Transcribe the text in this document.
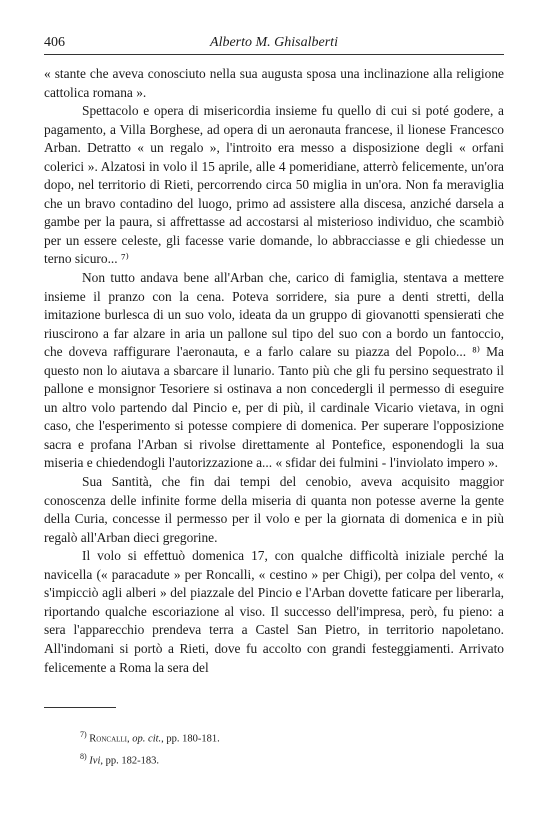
406	Alberto M. Ghisalberti

« stante che aveva conosciuto nella sua augusta sposa una inclinazione alla religione cattolica romana ».

Spettacolo e opera di misericordia insieme fu quello di cui si poté godere, a pagamento, a Villa Borghese, ad opera di un aeronauta francese, il lionese Francesco Arban. Detratto « un regalo », l'introito era messo a disposizione degli « orfani colerici ». Alzatosi in volo il 15 aprile, alle 4 pomeridiane, atterrò felicemente, un'ora dopo, nel territorio di Rieti, percorrendo circa 50 miglia in un'ora. Non fa meraviglia che un bravo contadino del luogo, primo ad assistere alla discesa, anziché darsela a gambe per la paura, si affrettasse ad accostarsi al misterioso individuo, che scambiò per un essere celeste, gli facesse varie domande, lo abbracciasse e gli chiedesse un terno sicuro... ⁷⁾

Non tutto andava bene all'Arban che, carico di famiglia, stentava a mettere insieme il pranzo con la cena. Poteva sorridere, sia pure a denti stretti, della imitazione burlesca di un suo volo, ideata da un gruppo di giovanotti spensierati che riuscirono a far alzare in aria un pallone sul tipo del suo con a bordo un fantoccio, che doveva raffigurare l'aeronauta, e a farlo calare su piazza del Popolo... ⁸⁾ Ma questo non lo aiutava a sbarcare il lunario. Tanto più che gli fu persino sequestrato il pallone e monsignor Tesoriere si ostinava a non concedergli il permesso di eseguire un altro volo partendo dal Pincio e, per di più, il cardinale Vicario vietava, in ogni caso, che l'esperimento si potesse compiere di domenica. Per superare l'opposizione sacra e profana l'Arban si rivolse direttamente al Pontefice, esponendogli la sua miseria e chiedendogli l'autorizzazione a... « sfidar dei fulmini - l'inviolato impero ».

Sua Santità, che fin dai tempi del cenobio, aveva acquisito maggior conoscenza delle infinite forme della miseria di quanta non potesse averne la gente della Curia, concesse il permesso per il volo e per la giornata di domenica e in più regalò all'Arban dieci gregorine.

Il volo si effettuò domenica 17, con qualche difficoltà iniziale perché la navicella (« paracadute » per Roncalli, « cestino » per Chigi), per colpa del vento, « s'impicciò agli alberi » del piazzale del Pincio e l'Arban dovette faticare per liberarla, riportando qualche escoriazione al viso. Il successo dell'impresa, però, fu pieno: a sera l'apparecchio prendeva terra a Castel San Pietro, in territorio napoletano. All'indomani si portò a Rieti, dove fu accolto con grandi festeggiamenti. Arrivato felicemente a Roma la sera del

$^{7)}$ Roncalli, op. cit., pp. 180-181.
$^{8)}$ Ivi, pp. 182-183.
